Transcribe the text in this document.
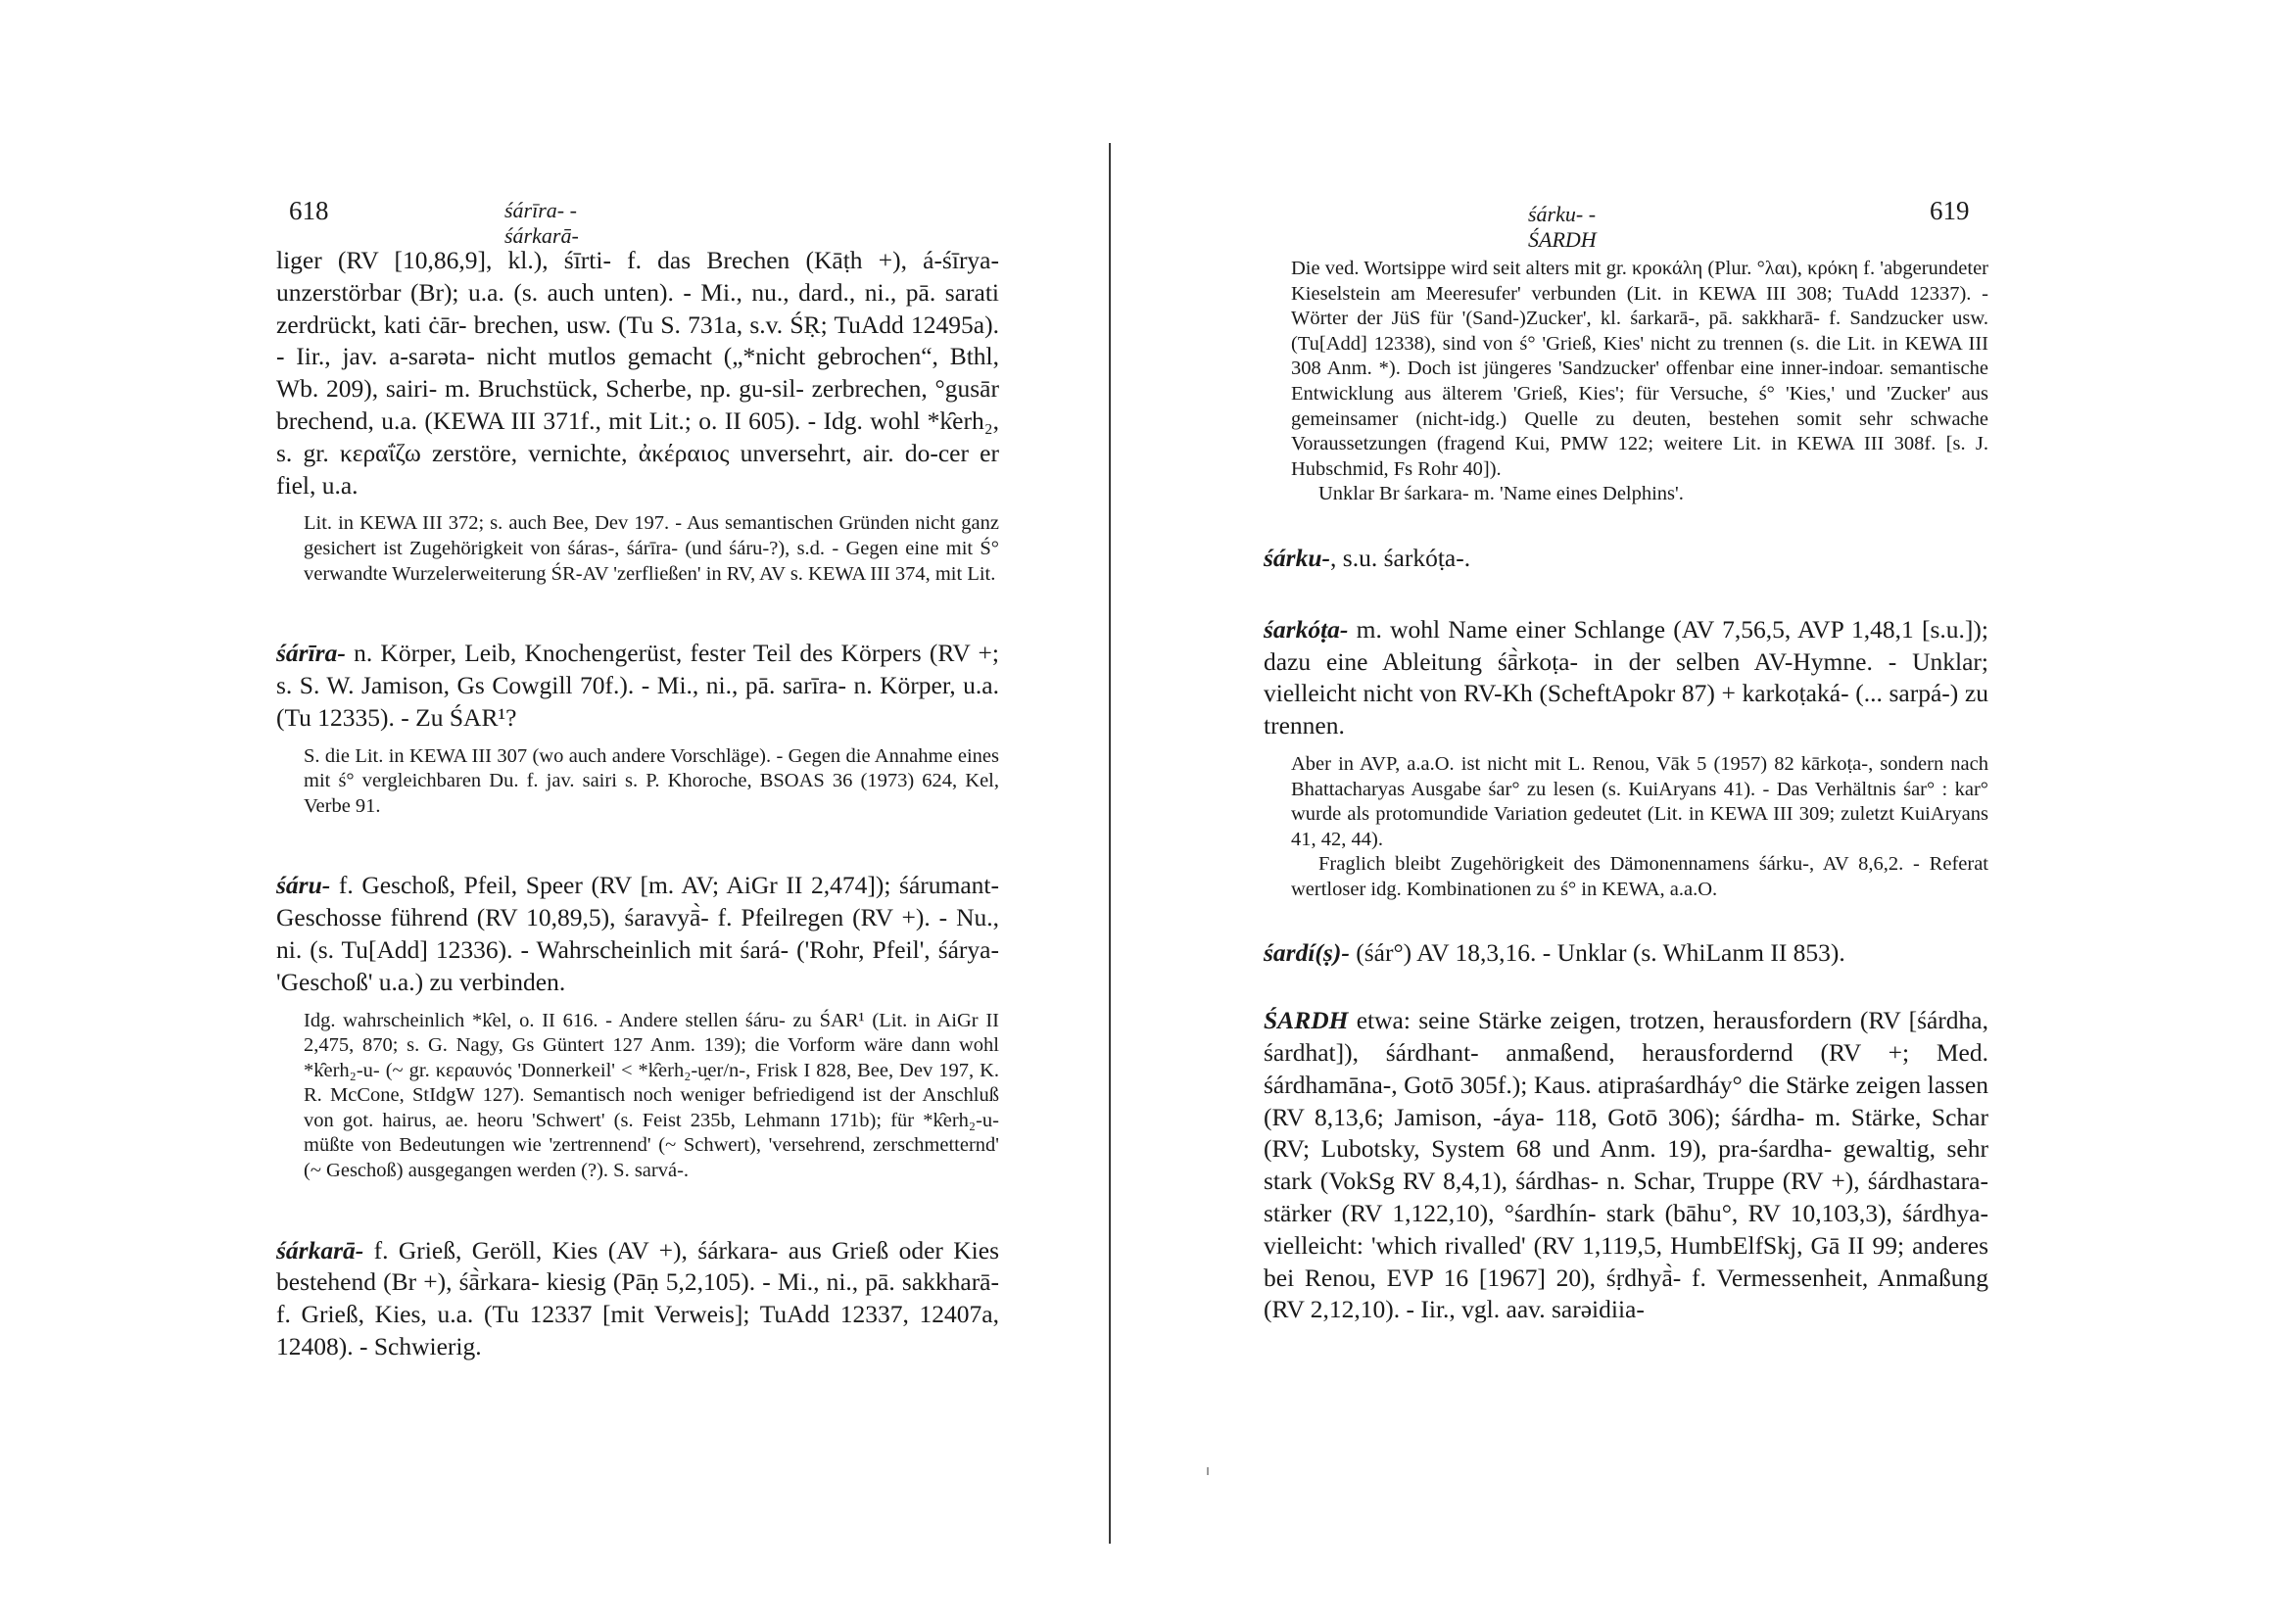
618	śárīra- - śárkarā-

liger (RV [10,86,9], kl.), śīrti- f. das Brechen (Kāṭh +), á-śīrya- unzerstörbar (Br); u.a. (s. auch unten). - Mi., nu., dard., ni., pā. sarati zerdrückt, kati ċār- brechen, usw. (Tu S. 731a, s.v. ŚṚ; TuAdd 12495a). - Iir., jav. a-sarəta- nicht mutlos gemacht („*nicht gebrochen“, Bthl, Wb. 209), sairi- m. Bruchstück, Scherbe, np. gu-sil- zerbrechen, °gusār brechend, u.a. (KEWA III 371f., mit Lit.; o. II 605). - Idg. wohl *k̑erh₂, s. gr. κεραΐζω zerstöre, vernichte, ἀκέραιος unversehrt, air. do-cer er fiel, u.a.

Lit. in KEWA III 372; s. auch Bee, Dev 197. - Aus semantischen Gründen nicht ganz gesichert ist Zugehörigkeit von śáras-, śárīra- (und śáru-?), s.d. - Gegen eine mit Ś° verwandte Wurzelerweiterung ŚR-AV 'zerfließen' in RV, AV s. KEWA III 374, mit Lit.

śárīra- n. Körper, Leib, Knochengerüst, fester Teil des Körpers (RV +; s. S. W. Jamison, Gs Cowgill 70f.). - Mi., ni., pā. sarīra- n. Körper, u.a. (Tu 12335). - Zu ŚAR¹?

S. die Lit. in KEWA III 307 (wo auch andere Vorschläge). - Gegen die Annahme eines mit ś° vergleichbaren Du. f. jav. sairi s. P. Khoroche, BSOAS 36 (1973) 624, Kel, Verbe 91.

śáru- f. Geschoß, Pfeil, Speer (RV [m. AV; AiGr II 2,474]); śárumant- Geschosse führend (RV 10,89,5), śaravyā̀- f. Pfeilregen (RV +). - Nu., ni. (s. Tu[Add] 12336). - Wahrscheinlich mit śará- ('Rohr, Pfeil', śárya- 'Geschoß' u.a.) zu verbinden.

Idg. wahrscheinlich *k̑el, o. II 616. - Andere stellen śáru- zu ŚAR¹ (Lit. in AiGr II 2,475, 870; s. G. Nagy, Gs Güntert 127 Anm. 139); die Vorform wäre dann wohl *k̑erh₂-u- (~ gr. κεραυνός 'Donnerkeil' < *k̑erh₂-u̯er/n-, Frisk I 828, Bee, Dev 197, K. R. McCone, StIdgW 127). Semantisch noch weniger befriedigend ist der Anschluß von got. hairus, ae. heoru 'Schwert' (s. Feist 235b, Lehmann 171b); für *k̑erh₂-u- müßte von Bedeutungen wie 'zertrennend' (~ Schwert), 'versehrend, zerschmetternd' (~ Geschoß) ausgegangen werden (?). S. sarvá-.

śárkarā- f. Grieß, Geröll, Kies (AV +), śárkara- aus Grieß oder Kies bestehend (Br +), śā̀rkara- kiesig (Pāṇ 5,2,105). - Mi., ni., pā. sakkharā- f. Grieß, Kies, u.a. (Tu 12337 [mit Verweis]; TuAdd 12337, 12407a, 12408). - Schwierig.

śárku- - ŚARDH
619

Die ved. Wortsippe wird seit alters mit gr. κροκάλη (Plur. °λαι), κρόκη f. 'abgerundeter Kieselstein am Meeresufer' verbunden (Lit. in KEWA III 308; TuAdd 12337). - Wörter der JüS für '(Sand-)Zucker', kl. śarkarā-, pā. sakkharā- f. Sandzucker usw. (Tu[Add] 12338), sind von ś° 'Grieß, Kies' nicht zu trennen (s. die Lit. in KEWA III 308 Anm. *). Doch ist jüngeres 'Sandzucker' offenbar eine inner-indoar. semantische Entwicklung aus älterem 'Grieß, Kies'; für Versuche, ś° 'Kies,' und 'Zucker' aus gemeinsamer (nicht-idg.) Quelle zu deuten, bestehen somit sehr schwache Voraussetzungen (fragend Kui, PMW 122; weitere Lit. in KEWA III 308f. [s. J. Hubschmid, Fs Rohr 40]).

Unklar Br śarkara- m. 'Name eines Delphins'.

śárku-, s.u. śarkóṭa-.

śarkóṭa- m. wohl Name einer Schlange (AV 7,56,5, AVP 1,48,1 [s.u.]); dazu eine Ableitung śā̀rkoṭa- in der selben AV-Hymne. - Unklar; vielleicht nicht von RV-Kh (ScheftApokr 87) + karkoṭaká- (... sarpá-) zu trennen.

Aber in AVP, a.a.O. ist nicht mit L. Renou, Vāk 5 (1957) 82 kārkoṭa-, sondern nach Bhattacharyas Ausgabe śar° zu lesen (s. KuiAryans 41). - Das Verhältnis śar° : kar° wurde als protomundide Variation gedeutet (Lit. in KEWA III 309; zuletzt KuiAryans 41, 42, 44).

Fraglich bleibt Zugehörigkeit des Dämonennamens śárku-, AV 8,6,2. - Referat wertloser idg. Kombinationen zu ś° in KEWA, a.a.O.

śardí(ṣ)- (śár°) AV 18,3,16. - Unklar (s. WhiLanm II 853).

ŚARDH etwa: seine Stärke zeigen, trotzen, herausfordern (RV [śárdha, śardhat]), śárdhant- anmaßend, herausfordernd (RV +; Med. śárdhamāna-, Gotō 305f.); Kaus. atipraśardháy° die Stärke zeigen lassen (RV 8,13,6; Jamison, -áya- 118, Gotō 306); śárdha- m. Stärke, Schar (RV; Lubotsky, System 68 und Anm. 19), pra-śardha- gewaltig, sehr stark (VokSg RV 8,4,1), śárdhas- n. Schar, Truppe (RV +), śárdhastara- stärker (RV 1,122,10), °śardhín- stark (bāhu°, RV 10,103,3), śárdhya- vielleicht: 'which rivalled' (RV 1,119,5, HumbElfSkj, Gā II 99; anderes bei Renou, EVP 16 [1967] 20), śṛdhyā̀- f. Vermessenheit, Anmaßung (RV 2,12,10). - Iir., vgl. aav. sarəidiia-
